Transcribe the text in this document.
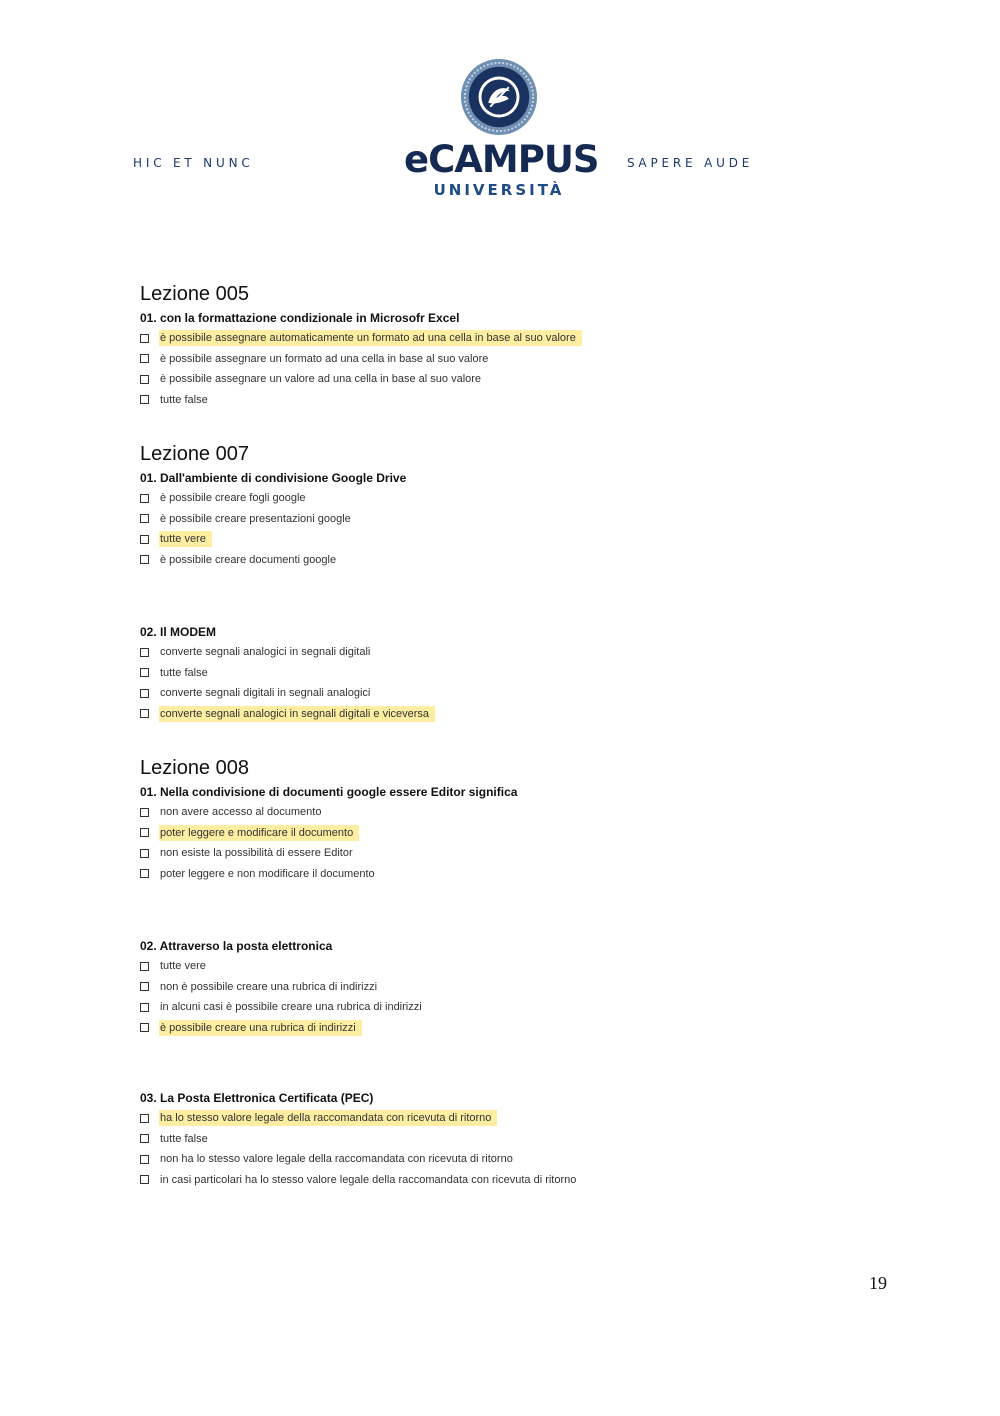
H I C   E T   N U N C	eCAMPUS
UNIVERSITÀ
S A P E R E   A U D E
Lezione 005
01. con la formattazione condizionale in Microsofr Excel
è possibile assegnare automaticamente un formato ad una cella in base al suo valore
è possibile assegnare un formato ad una cella in base al suo valore
è possibile assegnare un valore ad una cella in base al suo valore
tutte false
Lezione 007
01. Dall'ambiente di condivisione Google Drive
è possibile creare fogli google
è possibile creare presentazioni google
tutte vere
è possibile creare documenti google
02. Il MODEM
converte segnali analogici in segnali digitali
tutte false
converte segnali digitali in segnali analogici
converte segnali analogici in segnali digitali e viceversa
Lezione 008
01. Nella condivisione di documenti google essere Editor significa
non avere accesso al documento
poter leggere e modificare il documento
non esiste la possibilità di essere Editor
poter leggere e non modificare il documento
02. Attraverso la posta elettronica
tutte vere
non è possibile creare una rubrica di indirizzi
in alcuni casi è possibile creare una rubrica di indirizzi
è possibile creare una rubrica di indirizzi
03. La Posta Elettronica Certificata (PEC)
ha lo stesso valore legale della raccomandata con ricevuta di ritorno
tutte false
non ha lo stesso valore legale della raccomandata con ricevuta di ritorno
in casi particolari ha lo stesso valore legale della raccomandata con ricevuta di ritorno
19
